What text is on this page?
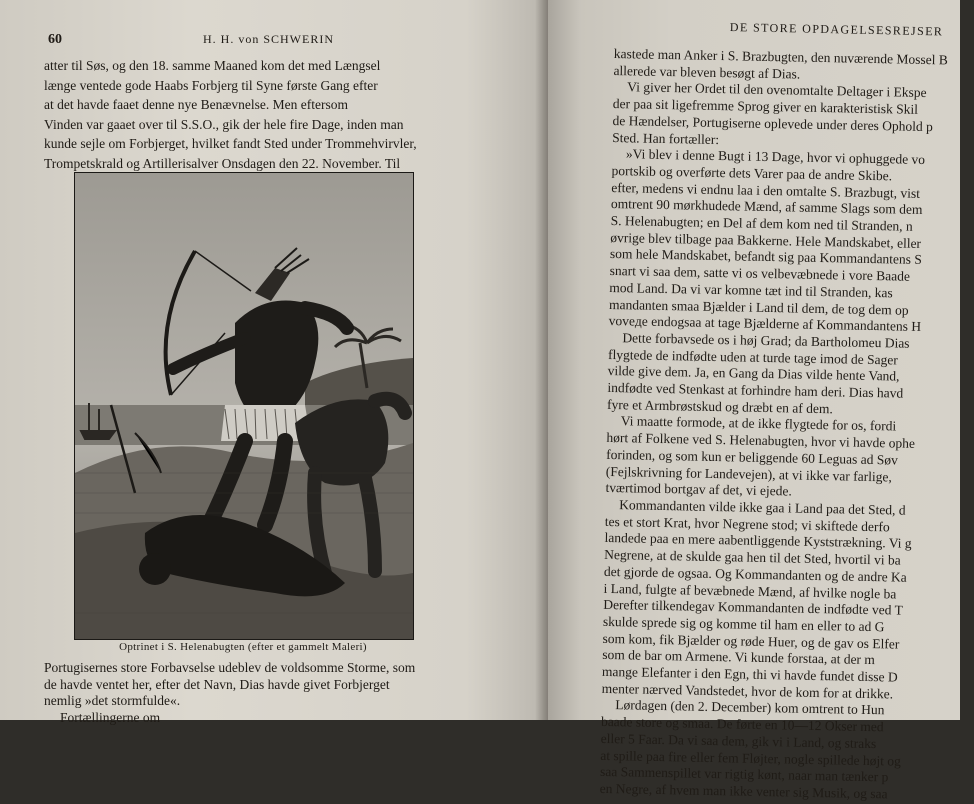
60	H. H. von SCHWERIN
atter til Søs, og den 18. samme Maaned kom det med Længsel
længe ventede gode Haabs Forbjerg til Syne første Gang efter
at det havde faaet denne nye Benævnelse. Men eftersom
Vinden var gaaet over til S.S.O., gik der hele fire Dage, inden man
kunde sejle om Forbjerget, hvilket fandt Sted under Trommehvirvler,
Trompetskrald og Artillerisalver Onsdagen den 22. November. Til
Optrinet i S. Helenabugten (efter et gammelt Maleri)
Portugisernes store Forbavselse udeblev de voldsomme Storme, som
de havde ventet her, efter det Navn, Dias havde givet Forbjerget
nemlig »det stormfulde«.
Fortællingerne om
DE STORE OPDAGELSESREJSER
kastede man Anker i S. Brazbugten, den nuværende Mossel B
allerede var bleven besøgt af Dias.
Vi giver her Ordet til den ovenomtalte Deltager i Ekspe
der paa sit ligefremme Sprog giver en karakteristisk Skil
de Hændelser, Portugiserne oplevede under deres Ophold p
Sted. Han fortæller:
»Vi blev i denne Bugt i 13 Dage, hvor vi ophuggede vo
portskib og overførte dets Varer paa de andre Skibe.
efter, medens vi endnu laa i den omtalte S. Brazbugt, vist
omtrent 90 mørkhudede Mænd, af samme Slags som dem
S. Helenabugten; en Del af dem kom ned til Stranden, n
øvrige blev tilbage paa Bakkerne. Hele Mandskabet, eller
som hele Mandskabet, befandt sig paa Kommandantens S
snart vi saa dem, satte vi os velbevæbnede i vore Baade
mod Land. Da vi var komne tæt ind til Stranden, kas
mandanten smaa Bjælder i Land til dem, de tog dem op
voveде endogsaa at tage Bjælderne af Kommandantens H
Dette forbavsede os i høj Grad; da Bartholomeu Dias
flygtede de indfødte uden at turde tage imod de Sager
vilde give dem. Ja, en Gang da Dias vilde hente Vand,
indfødte ved Stenkast at forhindre ham deri. Dias havd
fyre et Armbrøstskud og dræbt en af dem.
Vi maatte formode, at de ikke flygtede for os, fordi
hørt af Folkene ved S. Helenabugten, hvor vi havde ophe
forinden, og som kun er beliggende 60 Leguas ad Søv
(Fejlskrivning for Landevejen), at vi ikke var farlige,
tværtimod bortgav af det, vi ejede.
Kommandanten vilde ikke gaa i Land paa det Sted, d
tes et stort Krat, hvor Negrene stod; vi skiftede derfo
landede paa en mere aabentliggende Kyststrækning. Vi g
Negrene, at de skulde gaa hen til det Sted, hvortil vi ba
det gjorde de ogsaa. Og Kommandanten og de andre Ka
i Land, fulgte af bevæbnede Mænd, af hvilke nogle ba
Derefter tilkendegav Kommandanten de indfødte ved T
skulde sprede sig og komme til ham en eller to ad G
som kom, fik Bjælder og røde Huer, og de gav os Elfer
som de bar om Armene. Vi kunde forstaa, at der m
mange Elefanter i den Egn, thi vi havde fundet disse D
menter nærved Vandstedet, hvor de kom for at drikke.
Lørdagen (den 2. December) kom omtrent to Hun
baade store og smaa. De førte en 10—12 Okser med
eller 5 Faar. Da vi saa dem, gik vi i Land, og straks
at spille paa fire eller fem Fløjter, nogle spillede højt og
saa Sammenspillet var rigtig kønt, naar man tænker p
en Negre, af hvem man ikke venter sig Musik, og saa
